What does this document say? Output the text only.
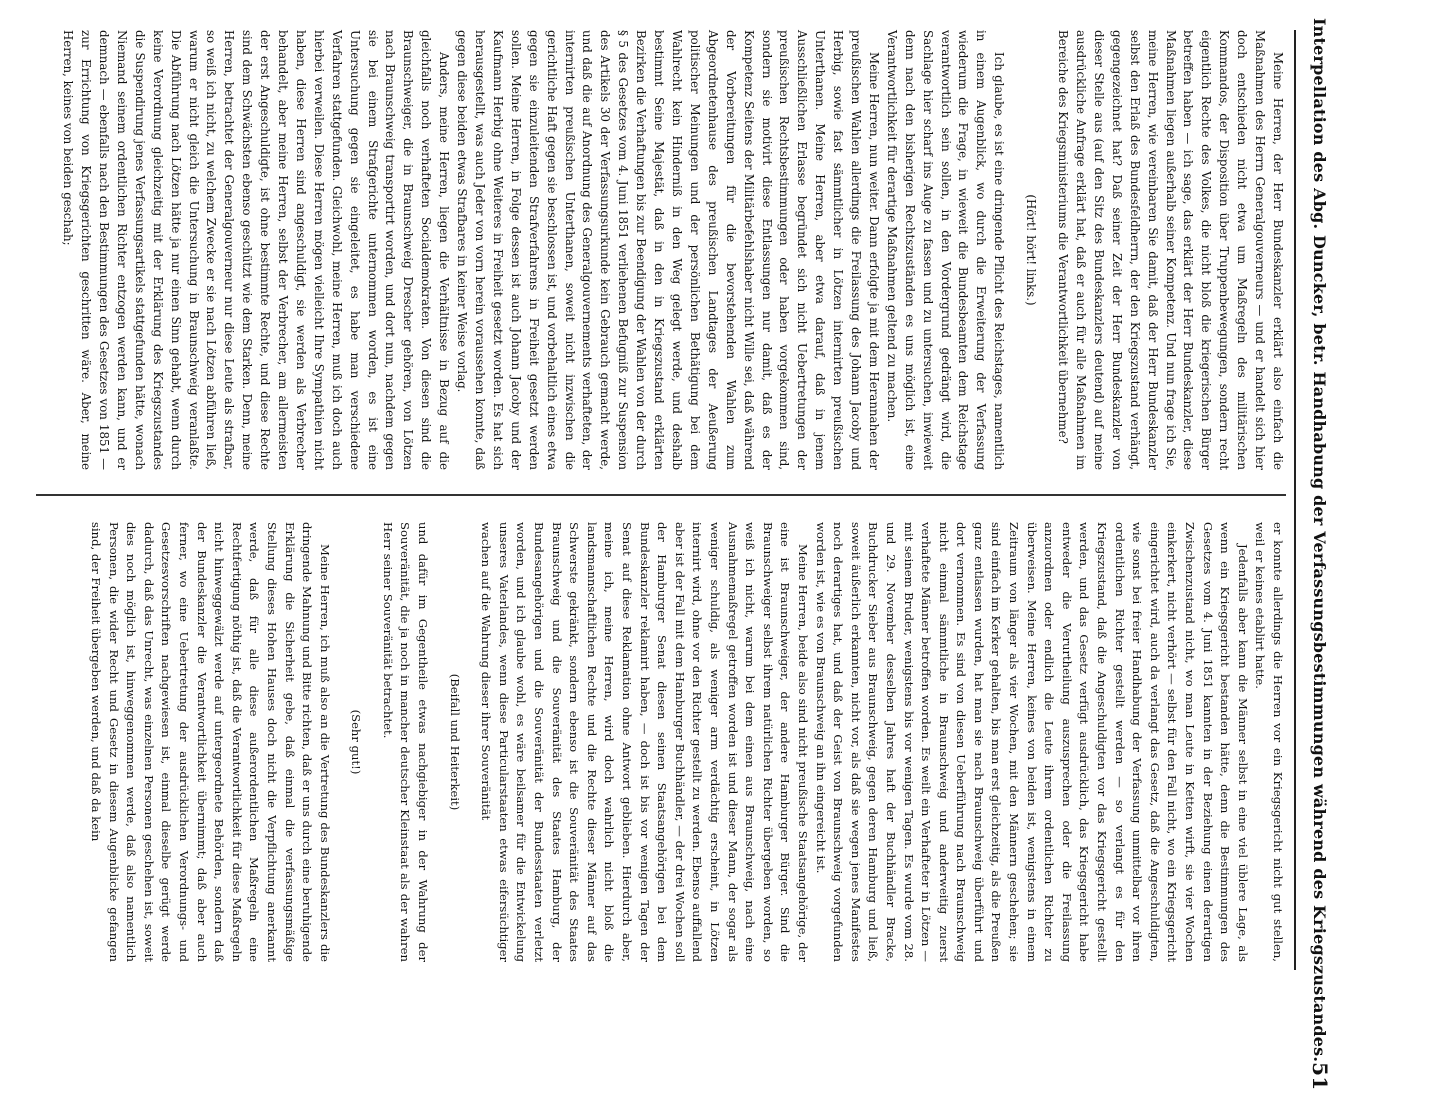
Interpellation des Abg. Duncker, betr. Handhabung der Verfassungsbestimmungen während des Kriegszustandes.
51

Meine Herren, der Herr Bundeskanzler erklärt also einfach die Maßnahmen des Herrn Generalgouverneurs — und er handelt sich hier doch entschieden nicht etwa um Maßregeln des militärischen Kommandos, der Disposition über Truppenbewegungen, sondern recht eigentlich Rechte des Volkes, die nicht bloß die kriegerischen Bürger betreffen haben — ich sage, das erklärt der Herr Bundeskanzler, diese Maßnahmen liegen außerhalb seiner Kompetenz. Und nun frage ich Sie, meine Herren, wie vereinbaren Sie damit, daß der Herr Bundeskanzler selbst den Erlaß des Bundesfeldherrn, der den Kriegszustand verhängt, gegengezeichnet hat? Daß seiner Zeit der Herr Bundeskanzler von dieser Stelle aus (auf den Sitz des Bundeskanzlers deutend) auf meine ausdrückliche Anfrage erklärt hat, daß er auch für alle Maßnahmen im Bereiche des Kriegsministeriums die Verantwortlichkeit übernehme?

(Hört! hört! links.)

Ich glaube, es ist eine dringende Pflicht des Reichstages, namentlich in einem Augenblick, wo durch die Erweiterung der Verfassung wiederum die Frage, in wieweit die Bundesbeamten dem Reichstage verantwortlich sein sollen, in den Vordergrund gedrängt wird, die Sachlage hier scharf ins Auge zu fassen und zu untersuchen, inwieweit denn nach den bisherigen Rechtszuständen es uns möglich ist, eine Verantwortlichkeit für derartige Maßnahmen geltend zu machen.

Meine Herren, nun weiter. Dann erfolgte ja mit dem Herannahen der preußischen Wahlen allerdings die Freilassung des Johann Jacoby und Herbig, sowie fast sämmtlicher in Lötzen internirten preußischen Unterthanen. Meine Herren, aber etwa darauf, daß in jenem Ausschließlichen Erlasse begründet sich nicht Uebertretungen der preußischen Rechtsbestimmungen oder haben vorgekommen sind, sondern sie motivirt diese Entlassungen nur damit, daß es der Kompetenz Seitens der Militärbefehlshaber nicht Wille sei, daß während der Vorbereitungen für die bevorstehenden Wahlen zum Abgeordnetenhause des preußischen Landtages der Aeußerung politischer Meinungen und der persönlichen Bethätigung bei dem Wahlrecht kein Hinderniß in den Weg gelegt werde, und deshalb bestimmt Seine Majestät, daß in den in Kriegszustand erklärten Bezirken die Verhaftungen bis zur Beendigung der Wahlen von der durch § 5 des Gesetzes vom 4. Juni 1851 verliehenen Befugniß zur Suspension des Artikels 30 der Verfassungsurkunde kein Gebrauch gemacht werde, und daß die auf Anordnung des Generalgouvernements verhafteten, der internirten preußischen Unterthanen, soweit nicht inzwischen die gerichtliche Haft gegen sie beschlossen ist, und vorbehaltlich eines etwa gegen sie einzuleitenden Strafverfahrens in Freiheit gesetzt werden sollen. Meine Herren, in Folge dessen ist auch Johann Jacoby und der Kaufmann Herbig ohne Weiteres in Freiheit gesetzt worden. Es hat sich herausgestellt, was auch Jeder von vorn herein voraussehen konnte, daß gegen diese beiden etwas Strafbares in keiner Weise vorlag.

Anders, meine Herren, liegen die Verhältnisse in Bezug auf die gleichfalls noch verhafteten Socialdemokraten. Von diesen sind die Braunschweiger, die in Braunschweig Drescher gehören, von Lötzen nach Braunschweig transportirt worden, und dort nun, nachdem gegen sie bei einem Strafgerichte unternommen worden, es ist eine Untersuchung gegen sie eingeleitet, es habe man verschiedene Verfahren stattgefunden. Gleichwohl, meine Herren, muß ich doch auch hierbei verweilen. Diese Herren mögen vielleicht Ihre Sympathien nicht haben, diese Herren sind angeschuldigt, sie werden als Verbrecher behandelt, aber meine Herren, selbst der Verbrecher, am allermeisten der erst Angeschuldigte, ist ohne bestimmte Rechte, und diese Rechte sind dem Schwächsten ebenso geschützt wie dem Starken. Denn, meine Herren, betrachtet der Generalgouverneur nur diese Leute als strafbar, so weiß ich nicht, zu welchem Zwecke er sie nach Lötzen abführen ließ, warum er nicht gleich die Untersuchung in Braunschweig veranlaßte. Die Abführung nach Lötzen hätte ja nur einen Sinn gehabt, wenn durch keine Verordnung gleichzeitig mit der Erklärung des Kriegszustandes die Suspendirung jenes Verfassungsartikels stattgefunden hätte, wonach Niemand seinem ordentlichen Richter entzogen werden kann, und er demnach — ebenfalls nach den Bestimmungen des Gesetzes von 1851 — zur Errichtung von Kriegsgerichten geschritten wäre. Aber, meine Herren, keines von beiden geschah;

er konnte allerdings die Herren vor ein Kriegsgericht nicht gut stellen, weil er keines etablirt hatte.

Jedenfalls aber kann die Männer selbst in eine viel üblere Lage, als wenn ein Kriegsgericht bestanden hätte, denn die Bestimmungen des Gesetzes vom 4. Juni 1851 kannten in der Beziehung einen derartigen Zwischenzustand nicht, wo man Leute in Ketten wirft, sie vier Wochen einkerkert, nicht verhört — selbst für den Fall nicht, wo ein Kriegsgericht eingerichtet wird, auch da verlangt das Gesetz, daß die Angeschuldigten, wie sonst bei freier Handhabung der Verfassung unmittelbar vor ihren ordentlichen Richter gestellt werden — so verlangt es für den Kriegszustand, daß die Angeschuldigten vor das Kriegsgericht gestellt werden, und das Gesetz verfügt ausdrücklich, das Kriegsgericht habe entweder die Verurtheilung auszusprechen oder die Freilassung anzuordnen oder endlich die Leute ihrem ordentlichen Richter zu überweisen. Meine Herren, keines von beiden ist, wenigstens in einem Zeitraum von länger als vier Wochen, mit den Männern geschehen; sie sind einfach im Kerker gehalten, bis man erst gleichzeitig, als die Preußen ganz entlassen wurden, hat man sie nach Braunschweig überführt und dort vernommen. Es sind von diesen Ueberführung nach Braunschweig nicht einmal sämmtliche in Braunschweig und anderweitig zuerst verhaftete Männer betroffen worden. Es weilt ein Verhafteter in Lötzen — mit seinem Bruder, wenigstens bis vor wenigen Tagen. Es wurde vom 28. und 29. November desselben Jahres haft der Buchhändler Bracke, Buchdrucker Sieber aus Braunschweig, gegen deren Hamburg und ließ, soweit äußerlich erkannten, nicht vor, als daß sie wegen jenes Manifestes noch derartiges hat, und daß der Geist von Braunschweig vorgefunden worden ist, wie es von Braunschweig an ihn eingereicht ist.

Meine Herren, beide also sind nicht preußische Staatsangehörige, der eine ist Braunschweiger, der andere Hamburger Bürger. Sind die Braunschweiger selbst ihrem natürlichen Richter übergeben worden, so weiß ich nicht, warum bei dem einen aus Braunschweig, nach eine Ausnahmemaßregel getroffen worden ist und dieser Mann, der sogar als weniger schuldig, als weniger arm verdächtig erscheint, in Lötzen internirt wird, ohne vor den Richter gestellt zu werden. Ebenso auffallend aber ist der Fall mit dem Hamburger Buchhändler, — der drei Wochen soll der Hamburger Senat diesen seinen Staatsangehörigen bei dem Bundeskanzler reklamirt haben, — doch ist bis vor wenigen Tagen der Senat auf diese Reklamation ohne Antwort geblieben. Hierdurch aber, meine ich, meine Herren, wird doch wahrlich nicht bloß die landsmannschaftlichen Rechte und die Rechte dieser Männer auf das Schwerste gekränkt, sondern ebenso ist die Souveränität des Staates Braunschweig und die Souveränität des Staates Hamburg, der Bundesangehörigen und die Souveränität der Bundesstaaten verletzt worden, und ich glaube wohl, es wäre beilsamer für die Entwickelung unseres Vaterlandes, wenn diese Particularstaaten etwas eifersüchtiger wachen auf die Wahrung dieser ihrer Souveränität

(Beifall und Heiterkeit)

und dafür im Gegentheile etwas nachgiebiger in der Wahrung der Souveränität, die ja noch in mancher deutscher Kleinstaat als der wahren Herr seiner Souveränität betrachtet.

(Sehr gut!)

Meine Herren, ich muß also an die Vertretung des Bundeskanzlers die dringende Mahnung und Bitte richten, daß er uns durch eine beruhigende Erklärung die Sicherheit gebe, daß einmal die verfassungsmäßige Stellung dieses Hohen Hauses doch nicht die Verpflichtung anerkannt werde, daß für alle diese außerordentlichen Maßregeln eine Rechtfertigung nöthig ist, daß die Verantwortlichkeit für diese Maßregeln nicht hinweggewälzt werde auf untergeordnete Behörden, sondern daß der Bundeskanzler die Verantwortlichkeit übernimmt; daß aber auch ferner, wo eine Uebertretung der ausdrücklichen Verordnungs- und Gesetzesvorschriften nachgewiesen ist, einmal dieselbe gerügt werde dadurch, daß das Unrecht, was einzelnen Personen geschehen ist, soweit dies noch möglich ist, hinweggenommen werde, daß also namentlich Personen, die wider Recht und Gesetz in diesem Augenblicke gefangen sind, der Freiheit übergeben werden, und daß da kein
